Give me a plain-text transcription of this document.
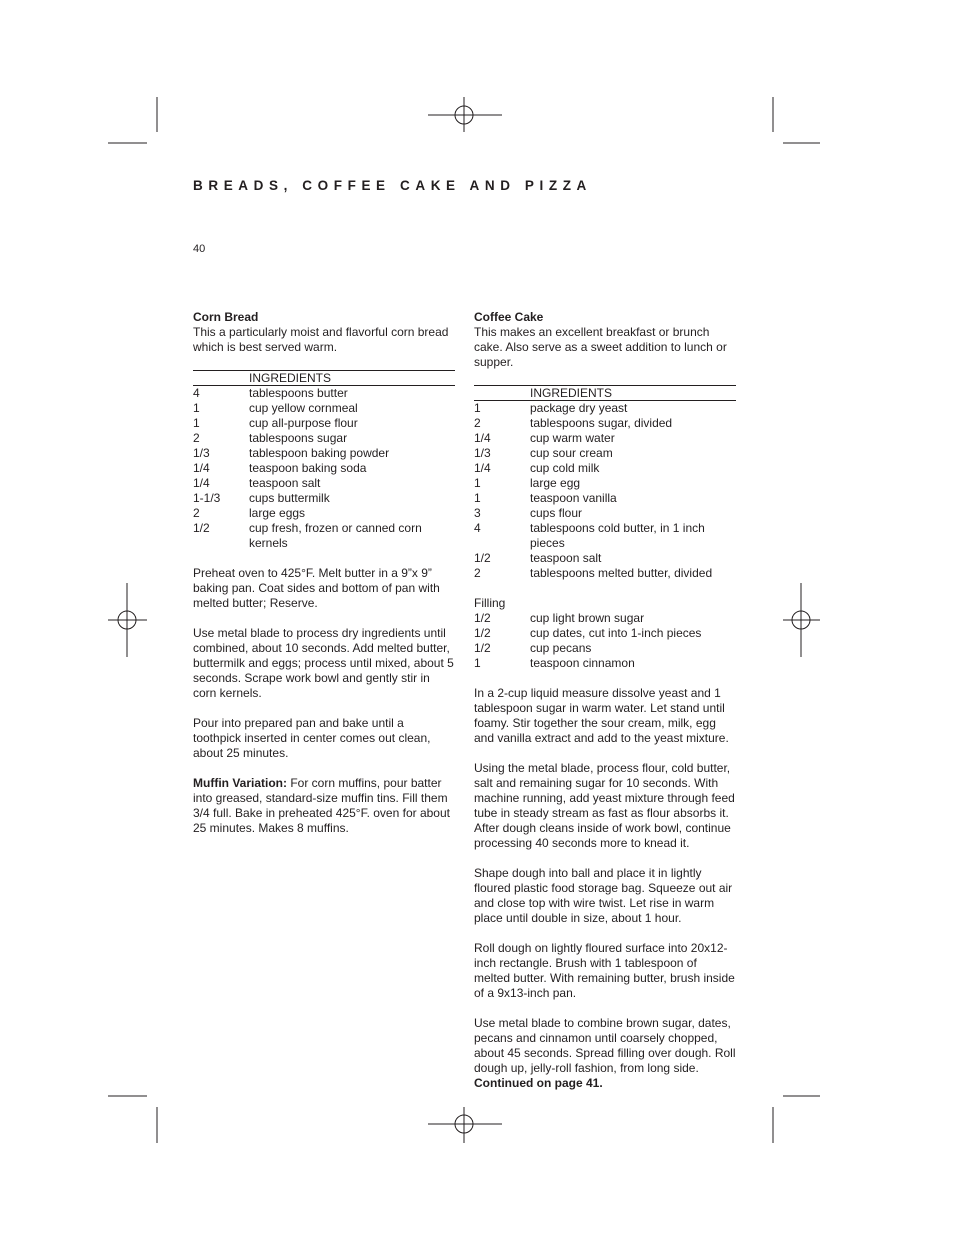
BREADS, COFFEE CAKE AND PIZZA
40

Corn Bread

This a particularly moist and flavorful corn bread which is best served warm.

INGREDIENTS
4	tablespoons butter
1	cup yellow cornmeal
1	cup all-purpose flour
2	tablespoons sugar
1/3	tablespoon baking powder
1/4	teaspoon baking soda
1/4	teaspoon salt
1-1/3	cups buttermilk
2	large eggs
1/2	cup fresh, frozen or canned corn kernels

Preheat oven to 425°F. Melt butter in a 9”x 9” baking pan. Coat sides and bottom of pan with melted butter; Reserve.

Use metal blade to process dry ingredients until combined, about 10 seconds. Add melted butter, buttermilk and eggs; process until mixed, about 5 seconds. Scrape work bowl and gently stir in corn kernels.

Pour into prepared pan and bake until a toothpick inserted in center comes out clean, about 25 minutes.

Muffin Variation: For corn muffins, pour batter into greased, standard-size muffin tins. Fill them 3/4 full. Bake in preheated 425°F. oven for about 25 minutes. Makes 8 muffins.

Coffee Cake

This makes an excellent breakfast or brunch cake. Also serve as a sweet addition to lunch or supper.

INGREDIENTS
1	package dry yeast
2	tablespoons sugar, divided
1/4	cup warm water
1/3	cup sour cream
1/4	cup cold milk
1	large egg
1	teaspoon vanilla
3	cups flour
4	tablespoons cold butter, in 1 inch pieces
1/2	teaspoon salt
2	tablespoons melted butter, divided

Filling

1/2	cup light brown sugar
1/2	cup dates, cut into 1-inch pieces
1/2	cup pecans
1	teaspoon cinnamon

In a 2-cup liquid measure dissolve yeast and 1 tablespoon sugar in warm water. Let stand until foamy. Stir together the sour cream, milk, egg and vanilla extract and add to the yeast mixture.

Using the metal blade, process flour, cold butter, salt and remaining sugar for 10 seconds. With machine running, add yeast mixture through feed tube in steady stream as fast as flour absorbs it. After dough cleans inside of work bowl, continue processing 40 seconds more to knead it.

Shape dough into ball and place it in lightly floured plastic food storage bag. Squeeze out air and close top with wire twist. Let rise in warm place until double in size, about 1 hour.

Roll dough on lightly floured surface into 20x12-inch rectangle. Brush with 1 tablespoon of melted butter. With remaining butter, brush inside of a 9x13-inch pan.

Use metal blade to combine brown sugar, dates, pecans and cinnamon until coarsely chopped, about 45 seconds. Spread filling over dough. Roll dough up, jelly-roll fashion, from long side.

Continued on page 41.
